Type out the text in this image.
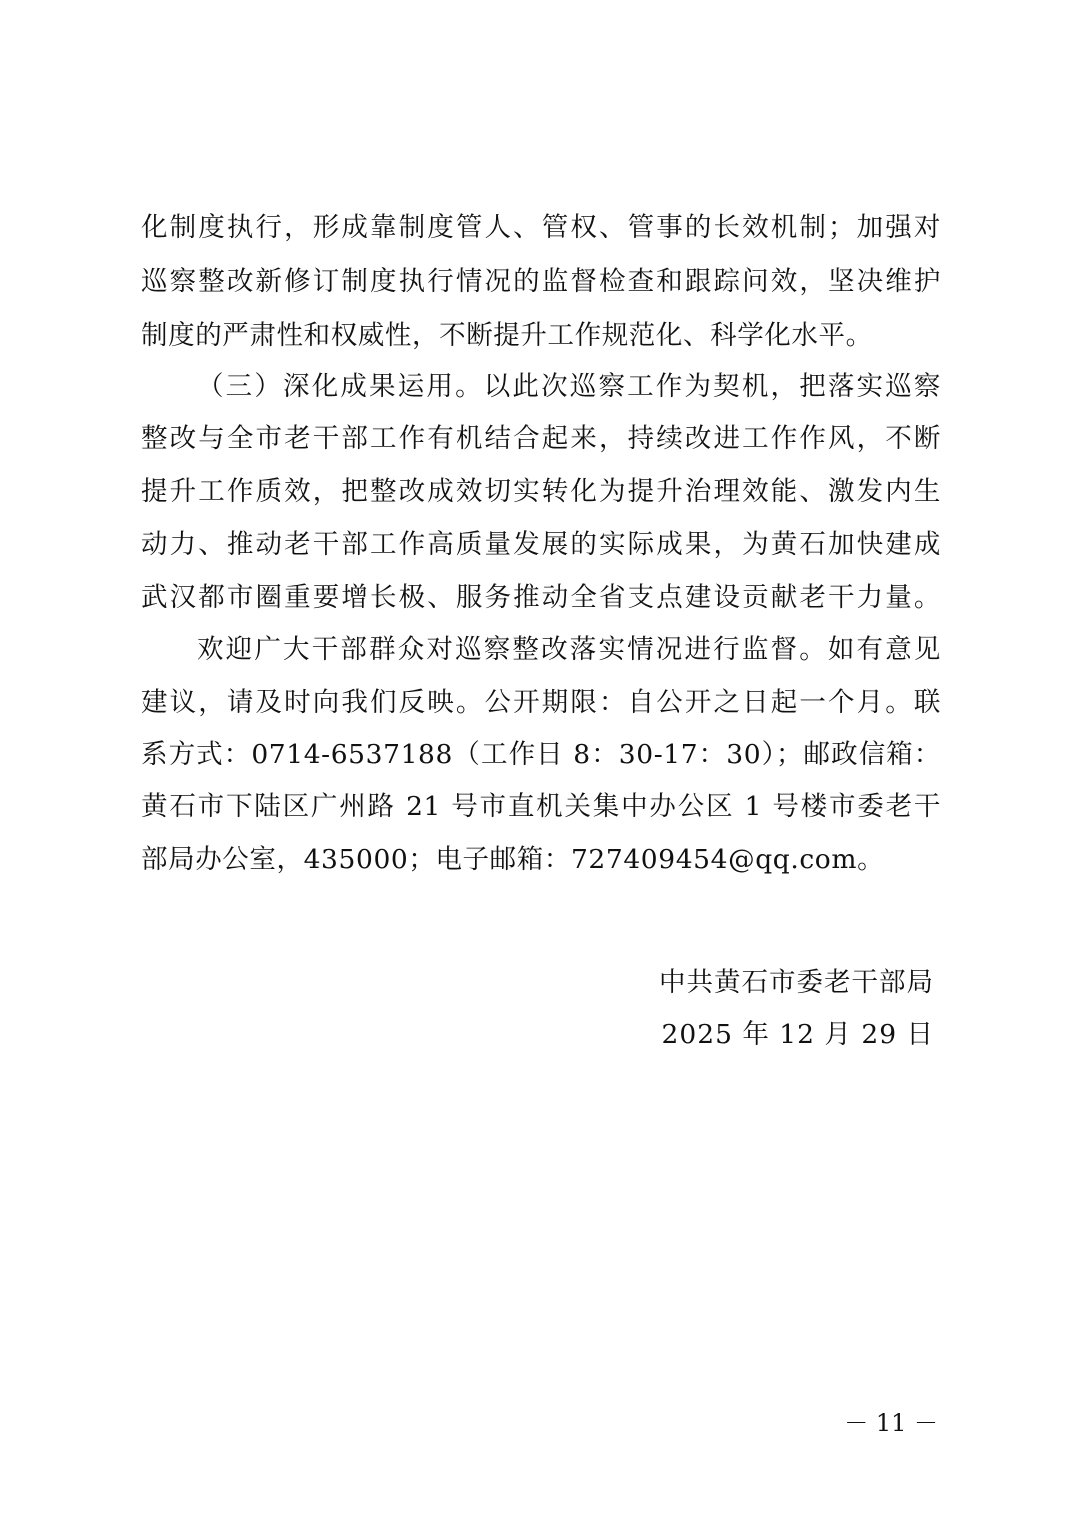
化制度执行，形成靠制度管人、管权、管事的长效机制；加强对
巡察整改新修订制度执行情况的监督检查和跟踪问效，坚决维护
制度的严肃性和权威性，不断提升工作规范化、科学化水平。
（三）深化成果运用。以此次巡察工作为契机，把落实巡察
整改与全市老干部工作有机结合起来，持续改进工作作风，不断
提升工作质效，把整改成效切实转化为提升治理效能、激发内生
动力、推动老干部工作高质量发展的实际成果，为黄石加快建成
武汉都市圈重要增长极、服务推动全省支点建设贡献老干力量。
欢迎广大干部群众对巡察整改落实情况进行监督。如有意见
建议，请及时向我们反映。公开期限：自公开之日起一个月。联
系方式：0714-6537188（工作日 8：30-17：30）；邮政信箱：
黄石市下陆区广州路 21 号市直机关集中办公区 1 号楼市委老干
部局办公室，435000；电子邮箱：727409454@qq.com。
中共黄石市委老干部局
2025 年 12 月 29 日
－ 11 －
